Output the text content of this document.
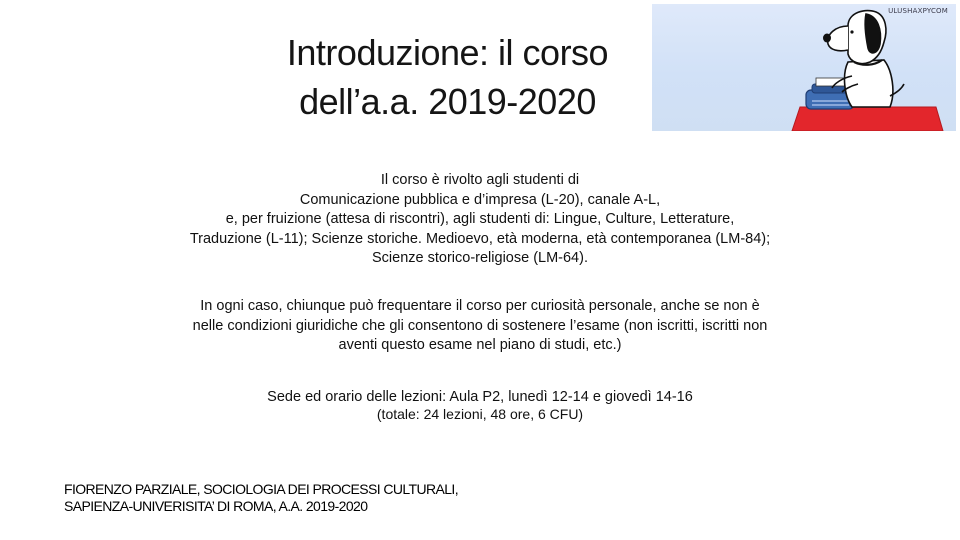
Introduzione: il corso
dell’a.a. 2019-2020
ULUSHAXPYCOM
Il corso è rivolto agli studenti di
Comunicazione pubblica e d’impresa (L-20), canale A-L,
e, per fruizione (attesa di riscontri), agli studenti di: Lingue, Culture, Letterature,
Traduzione (L-11); Scienze storiche. Medioevo, età moderna, età contemporanea (LM-84);
Scienze storico-religiose (LM-64).
In ogni caso, chiunque può frequentare il corso per curiosità personale, anche se non è
nelle condizioni giuridiche che gli consentono di sostenere l’esame (non iscritti, iscritti non
aventi questo esame nel piano di studi, etc.)
Sede ed orario delle lezioni: Aula P2, lunedì 12-14 e giovedì 14-16
(totale: 24 lezioni, 48 ore, 6 CFU)
FIORENZO PARZIALE, SOCIOLOGIA DEI PROCESSI CULTURALI,
SAPIENZA-UNIVERISITA’ DI ROMA, A.A. 2019-2020
